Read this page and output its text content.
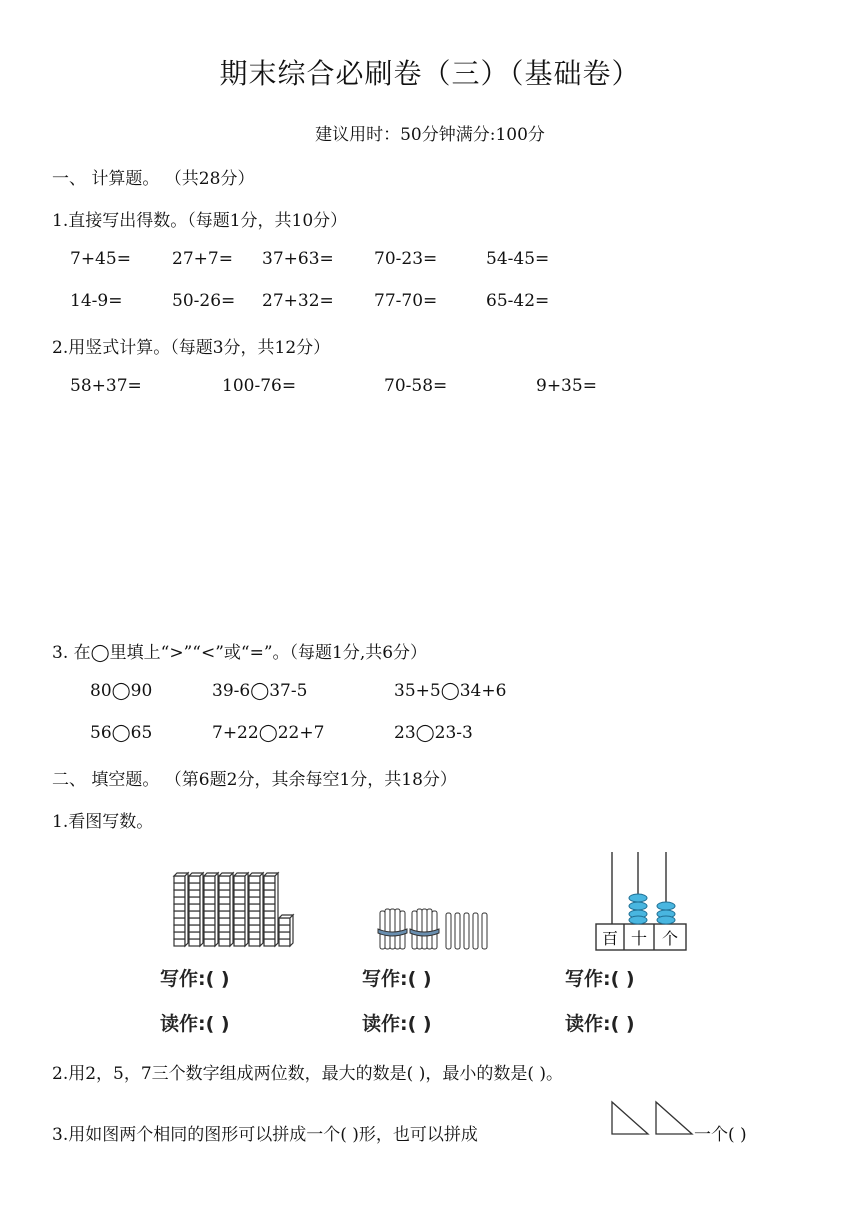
期末综合必刷卷（三）（基础卷）
建议用时：50分钟满分:100分
一、 计算题。 （共28分）
1.直接写出得数。（每题1分，共10分）
7+45= 27+7= 37+63= 70-23=	54-45=
14-9=	50-26= 27+32= 77-70=	65-42=
2.用竖式计算。（每题3分，共12分）
58+37=	100-76=	70-58=	9+35=
3. 在◯里填上“>”“<”或“=”。（每题1分,共6分）
80◯90	39-6◯37-5	35+5◯34+6
56◯65	7+22◯22+7	23◯23-3
二、 填空题。 （第6题2分，其余每空1分，共18分）
1.看图写数。
百 十 个
写作:( )	写作:( )	写作:( )
读作:( )	读作:( )	读作:( )
2.用2，5，7三个数字组成两位数，最大的数是( )，最小的数是( )。
3.用如图两个相同的图形可以拼成一个( )形，也可以拼成	一个( )
